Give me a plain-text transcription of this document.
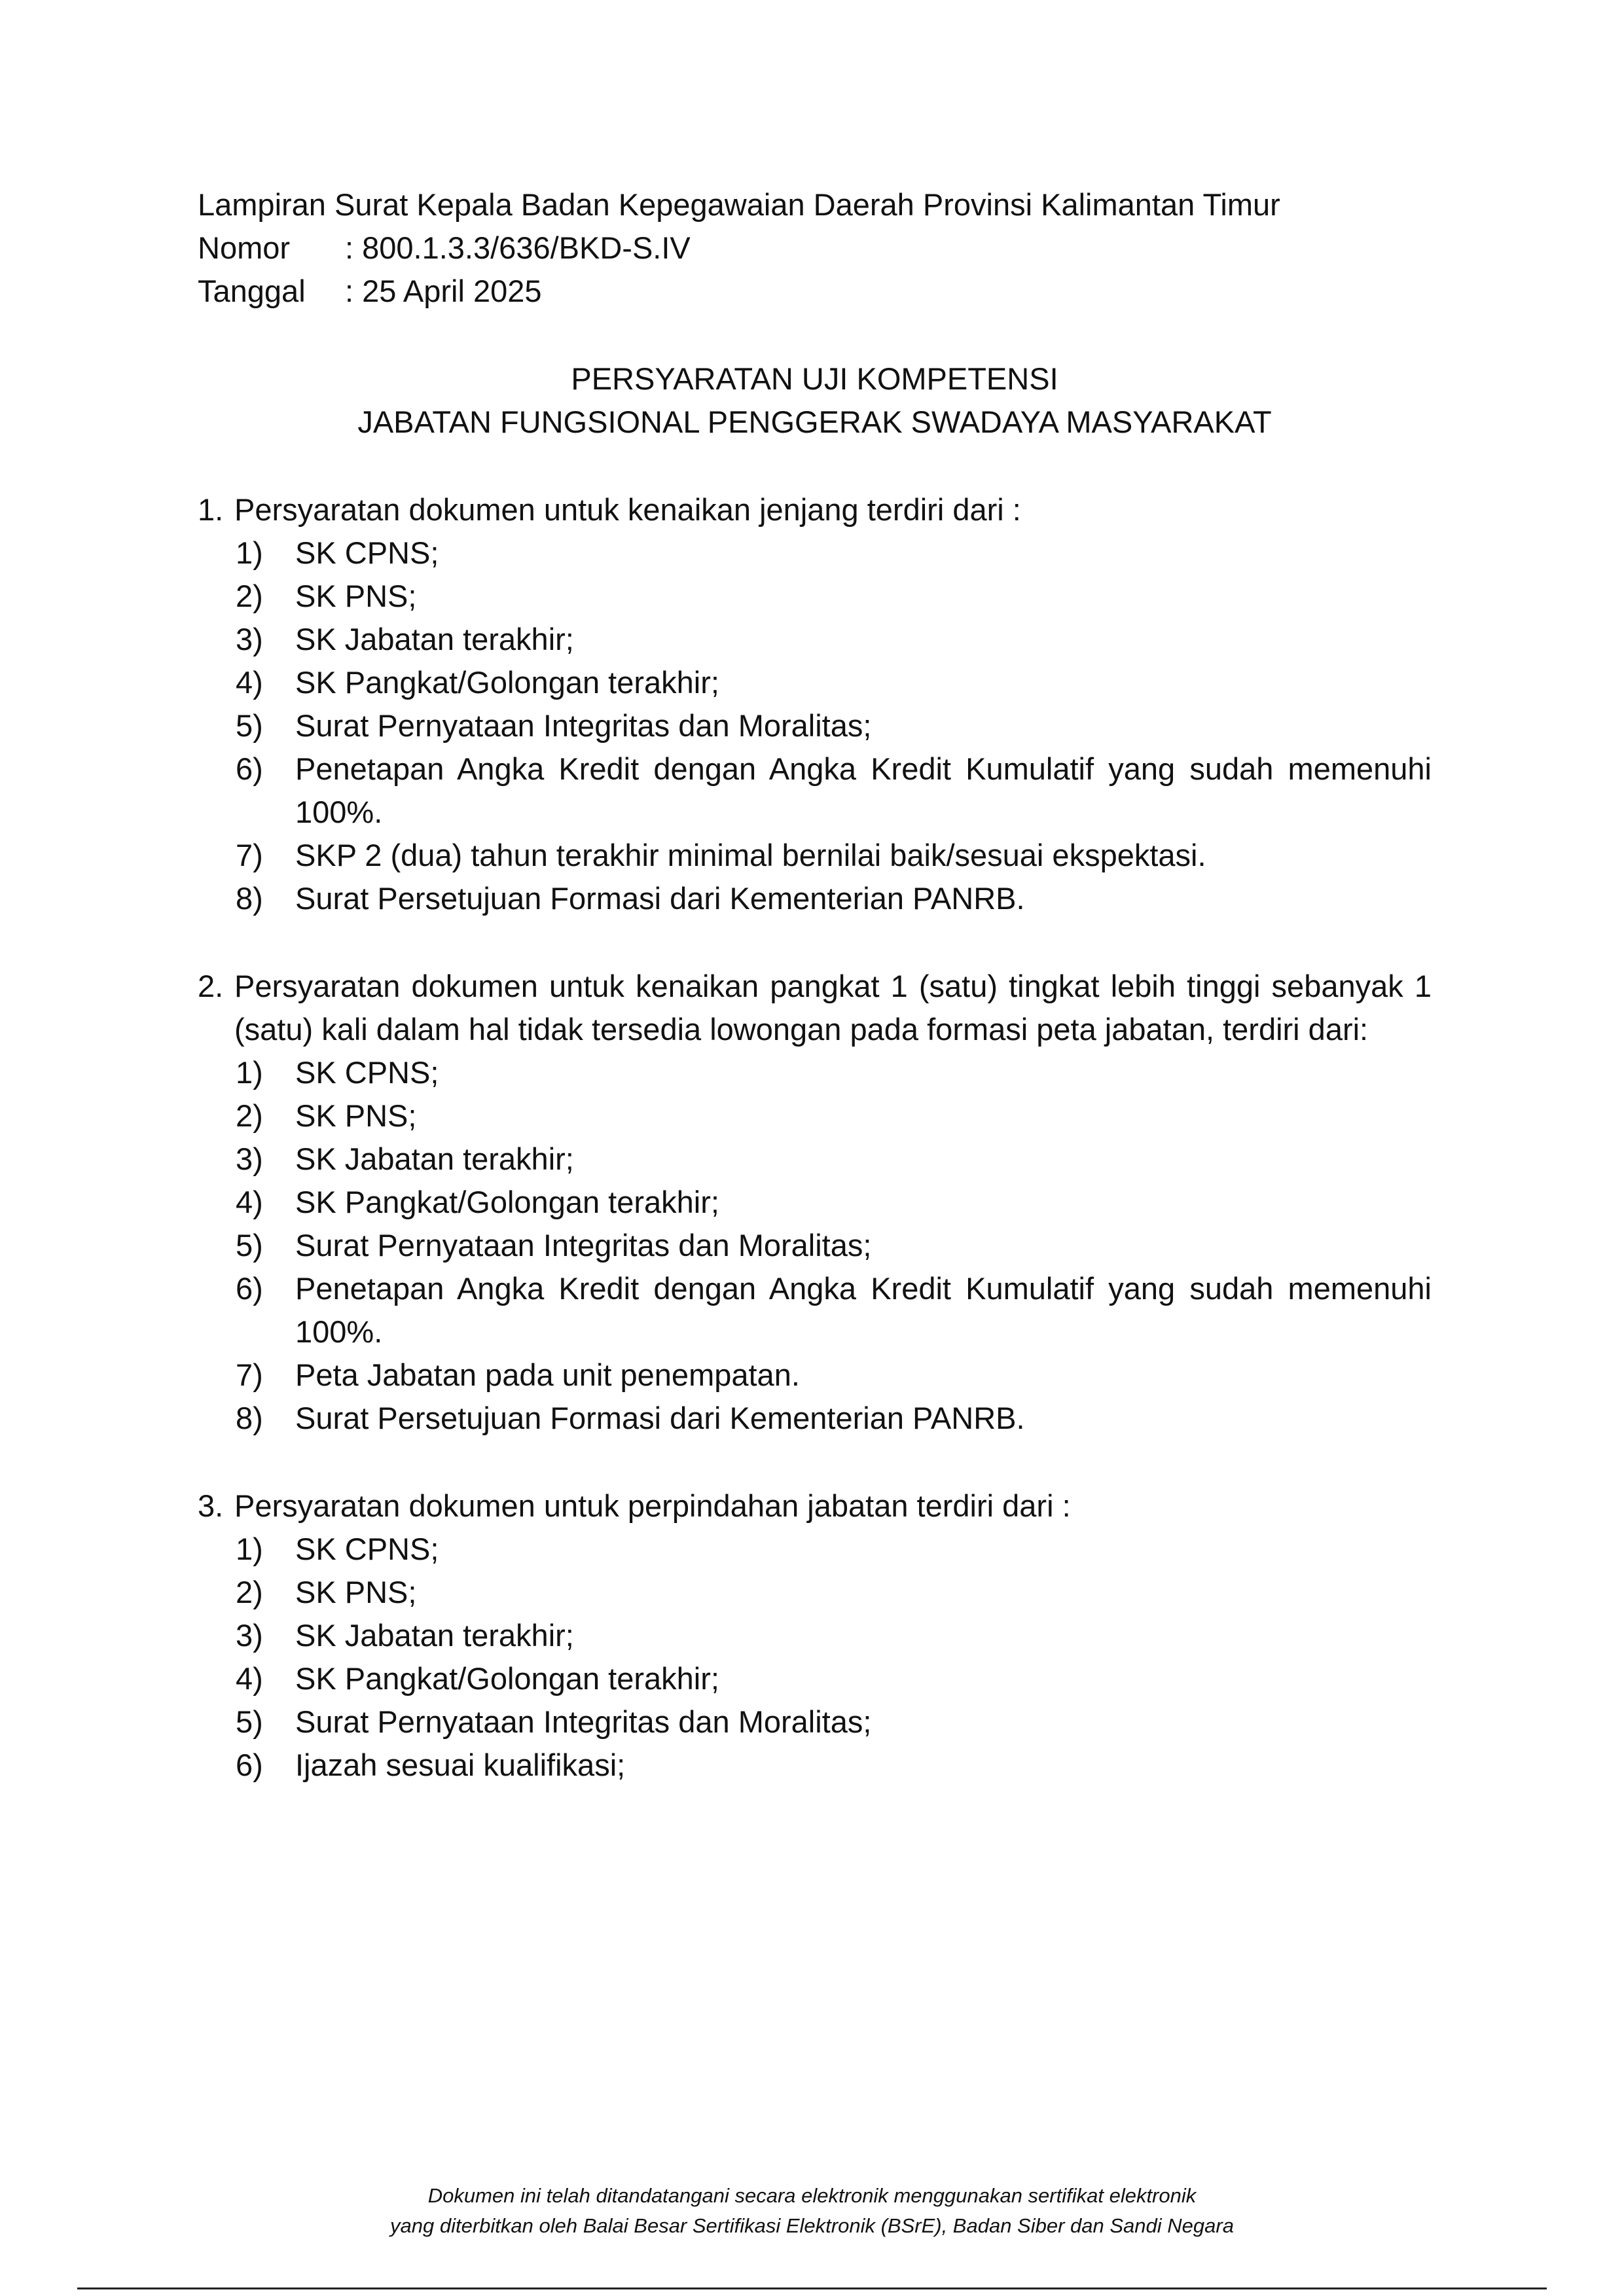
Lampiran Surat Kepala Badan Kepegawaian Daerah Provinsi Kalimantan Timur
Nomor	: 800.1.3.3/636/BKD-S.IV
Tanggal	: 25 April 2025
PERSYARATAN UJI KOMPETENSI
JABATAN FUNGSIONAL PENGGERAK SWADAYA MASYARAKAT
1. Persyaratan dokumen untuk kenaikan jenjang terdiri dari :
1)	SK CPNS;
2)	SK PNS;
3)	SK Jabatan terakhir;
4)	SK Pangkat/Golongan terakhir;
5)	Surat Pernyataan Integritas dan Moralitas;
6)	Penetapan Angka Kredit dengan Angka Kredit Kumulatif yang sudah memenuhi 100%.
7)	SKP 2 (dua) tahun terakhir minimal bernilai baik/sesuai ekspektasi.
8)	Surat Persetujuan Formasi dari Kementerian PANRB.
2. Persyaratan dokumen untuk kenaikan pangkat 1 (satu) tingkat lebih tinggi sebanyak 1 (satu) kali dalam hal tidak tersedia lowongan pada formasi peta jabatan, terdiri dari:
1)	SK CPNS;
2)	SK PNS;
3)	SK Jabatan terakhir;
4)	SK Pangkat/Golongan terakhir;
5)	Surat Pernyataan Integritas dan Moralitas;
6)	Penetapan Angka Kredit dengan Angka Kredit Kumulatif yang sudah memenuhi 100%.
7)	Peta Jabatan pada unit penempatan.
8)	Surat Persetujuan Formasi dari Kementerian PANRB.
3. Persyaratan dokumen untuk perpindahan jabatan terdiri dari :
1)	SK CPNS;
2)	SK PNS;
3)	SK Jabatan terakhir;
4)	SK Pangkat/Golongan terakhir;
5)	Surat Pernyataan Integritas dan Moralitas;
6)	Ijazah sesuai kualifikasi;
Dokumen ini telah ditandatangani secara elektronik menggunakan sertifikat elektronik
yang diterbitkan oleh Balai Besar Sertifikasi Elektronik (BSrE), Badan Siber dan Sandi Negara
